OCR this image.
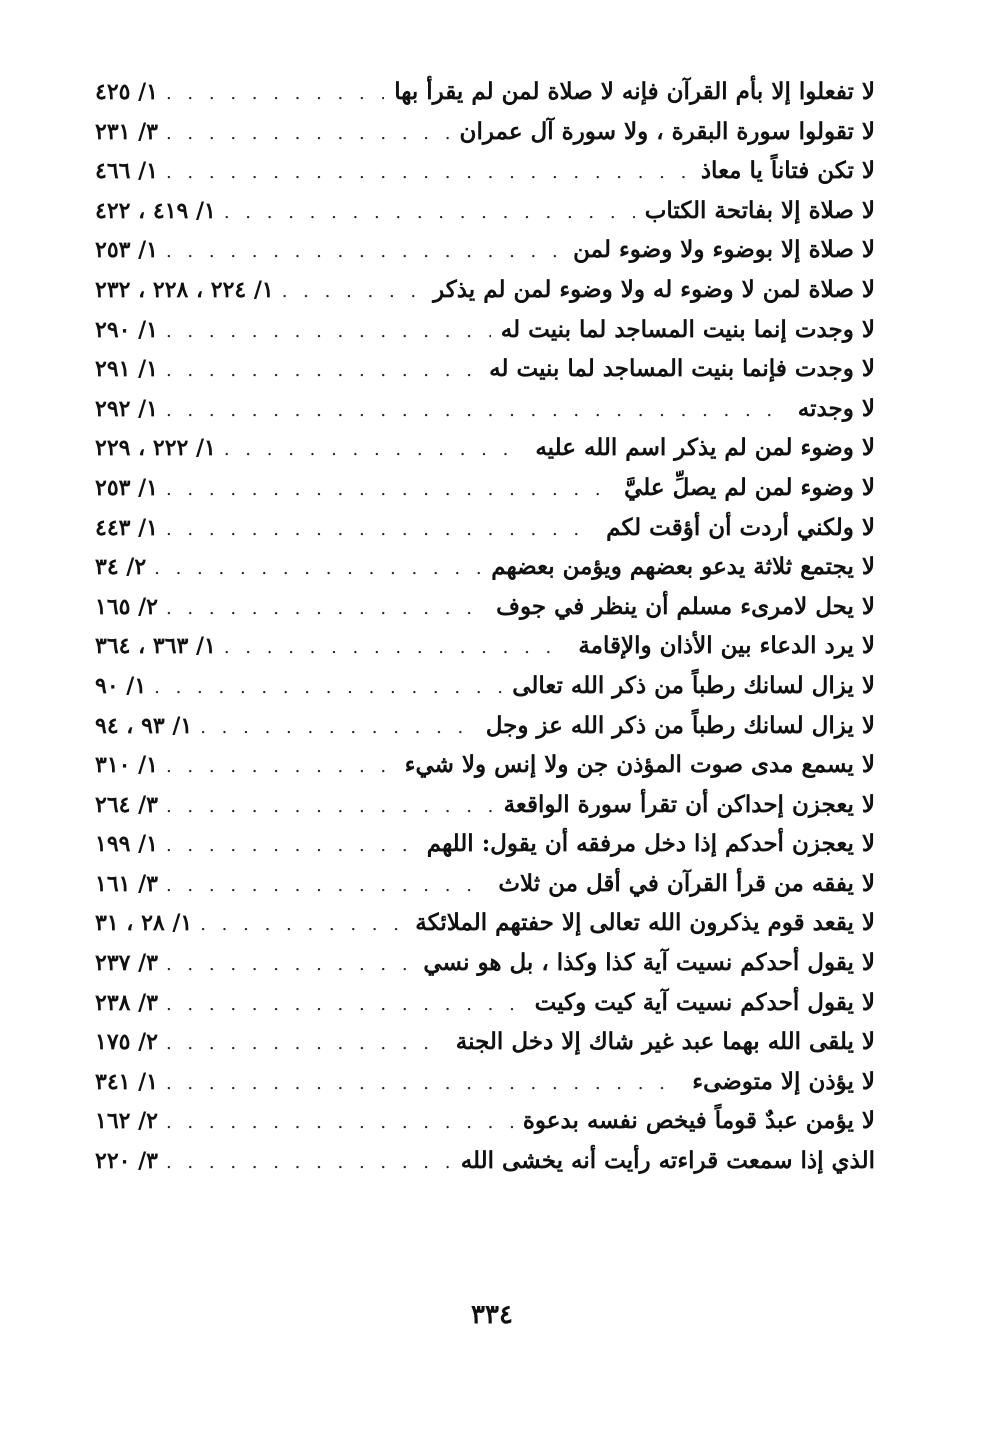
لا تفعلوا إلا بأم القرآن فإنه لا صلاة لمن لم يقرأ بها
. . .
١/ ٤٢٥
لا تقولوا سورة البقرة ، ولا سورة آل عمران
. . .
٣/ ٢٣١
لا تكن فتاناً يا معاذ
. . .
١/ ٤٦٦
لا صلاة إلا بفاتحة الكتاب
. . .
١/ ٤١٩ ، ٤٢٢
لا صلاة إلا بوضوء ولا وضوء لمن
. . .
١/ ٢٥٣
لا صلاة لمن لا وضوء له ولا وضوء لمن لم يذكر
. . .
١/ ٢٢٤ ، ٢٢٨ ، ٢٣٢
لا وجدت إنما بنيت المساجد لما بنيت له
. . .
١/ ٢٩٠
لا وجدت فإنما بنيت المساجد لما بنيت له
. . .
١/ ٢٩١
لا وجدته
. . .
١/ ٢٩٢
لا وضوء لمن لم يذكر اسم الله عليه
. . .
١/ ٢٢٢ ، ٢٢٩
لا وضوء لمن لم يصلِّ عليَّ
. . .
١/ ٢٥٣
لا ولكني أردت أن أؤقت لكم
. . .
١/ ٤٤٣
لا يجتمع ثلاثة يدعو بعضهم ويؤمن بعضهم
. . .
٢/ ٣٤
لا يحل لامرىء مسلم أن ينظر في جوف
. . .
٢/ ١٦٥
لا يرد الدعاء بين الأذان والإقامة
. . .
١/ ٣٦٣ ، ٣٦٤
لا يزال لسانك رطباً من ذكر الله تعالى
. . .
١/ ٩٠
لا يزال لسانك رطباً من ذكر الله عز وجل
. . .
١/ ٩٣ ، ٩٤
لا يسمع مدى صوت المؤذن جن ولا إنس ولا شيء
. . .
١/ ٣١٠
لا يعجزن إحداكن أن تقرأ سورة الواقعة
. . .
٣/ ٢٦٤
لا يعجزن أحدكم إذا دخل مرفقه أن يقول: اللهم
. . .
١/ ١٩٩
لا يفقه من قرأ القرآن في أقل من ثلاث
. . .
٣/ ١٦١
لا يقعد قوم يذكرون الله تعالى إلا حفتهم الملائكة
. . .
١/ ٢٨ ، ٣١
لا يقول أحدكم نسيت آية كذا وكذا ، بل هو نسي
. . .
٣/ ٢٣٧
لا يقول أحدكم نسيت آية كيت وكيت
. . .
٣/ ٢٣٨
لا يلقى الله بهما عبد غير شاك إلا دخل الجنة
. . .
٢/ ١٧٥
لا يؤذن إلا متوضىء
. . .
١/ ٣٤١
لا يؤمن عبدٌ قوماً فيخص نفسه بدعوة
. . .
٢/ ١٦٢
الذي إذا سمعت قراءته رأيت أنه يخشى الله
. . .
٣/ ٢٢٠
٣٣٤
